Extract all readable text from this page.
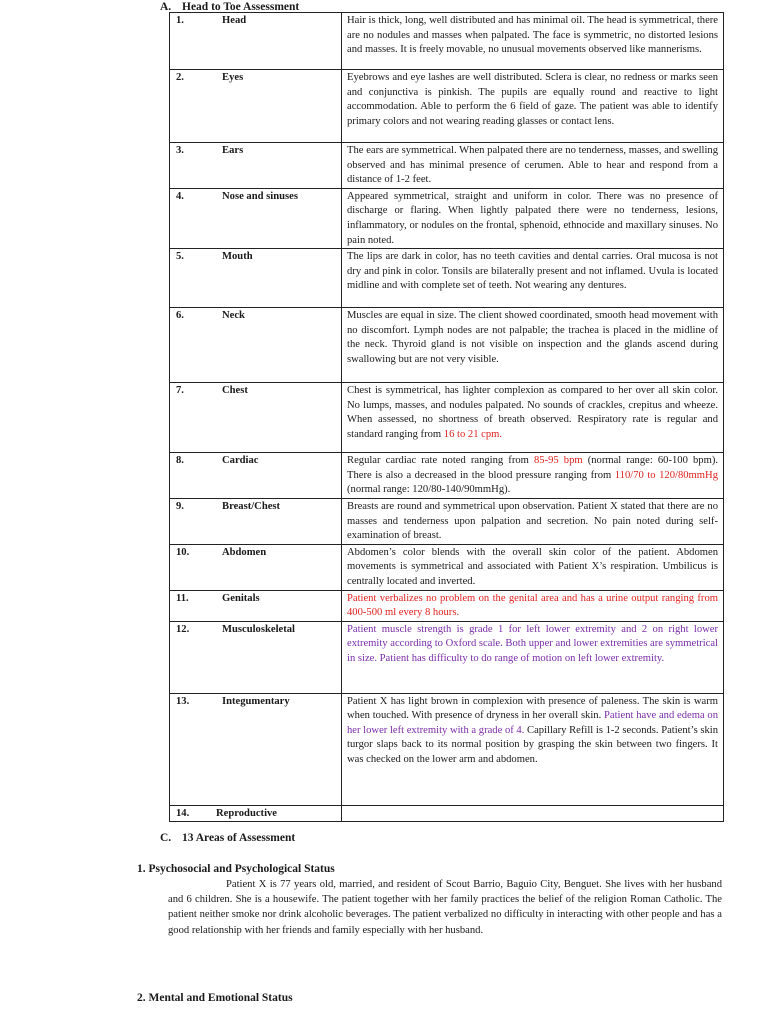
A. Head to Toe Assessment
1. Head	Hair is thick, long, well distributed and has minimal oil. The head is symmetrical, there are no nodules and masses when palpated. The face is symmetric, no distorted lesions and masses. It is freely movable, no unusual movements observed like mannerisms.
2. Eyes	Eyebrows and eye lashes are well distributed. Sclera is clear, no redness or marks seen and conjunctiva is pinkish. The pupils are equally round and reactive to light accommodation. Able to perform the 6 field of gaze. The patient was able to identify primary colors and not wearing reading glasses or contact lens.
3. Ears	The ears are symmetrical. When palpated there are no tenderness, masses, and swelling observed and has minimal presence of cerumen. Able to hear and respond from a distance of 1-2 feet.
4. Nose and sinuses	Appeared symmetrical, straight and uniform in color. There was no presence of discharge or flaring. When lightly palpated there were no tenderness, lesions, inflammatory, or nodules on the frontal, sphenoid, ethnocide and maxillary sinuses. No pain noted.
5. Mouth	The lips are dark in color, has no teeth cavities and dental carries. Oral mucosa is not dry and pink in color. Tonsils are bilaterally present and not inflamed. Uvula is located midline and with complete set of teeth. Not wearing any dentures.
6. Neck	Muscles are equal in size. The client showed coordinated, smooth head movement with no discomfort. Lymph nodes are not palpable; the trachea is placed in the midline of the neck. Thyroid gland is not visible on inspection and the glands ascend during swallowing but are not very visible.
7. Chest	Chest is symmetrical, has lighter complexion as compared to her over all skin color. No lumps, masses, and nodules palpated. No sounds of crackles, crepitus and wheeze. When assessed, no shortness of breath observed. Respiratory rate is regular and standard ranging from 16 to 21 cpm.
8. Cardiac	Regular cardiac rate noted ranging from 85-95 bpm (normal range: 60-100 bpm). There is also a decreased in the blood pressure ranging from 110/70 to 120/80mmHg (normal range: 120/80-140/90mmHg).
9. Breast/Chest	Breasts are round and symmetrical upon observation. Patient X stated that there are no masses and tenderness upon palpation and secretion. No pain noted during self-examination of breast.
10. Abdomen	Abdomen’s color blends with the overall skin color of the patient. Abdomen movements is symmetrical and associated with Patient X’s respiration. Umbilicus is centrally located and inverted.
11. Genitals	Patient verbalizes no problem on the genital area and has a urine output ranging from 400-500 ml every 8 hours.
12. Musculoskeletal	Patient muscle strength is grade 1 for left lower extremity and 2 on right lower extremity according to Oxford scale. Both upper and lower extremities are symmetrical in size. Patient has difficulty to do range of motion on left lower extremity.
13. Integumentary	Patient X has light brown in complexion with presence of paleness. The skin is warm when touched. With presence of dryness in her overall skin. Patient have and edema on her lower left extremity with a grade of 4. Capillary Refill is 1-2 seconds. Patient’s skin turgor slaps back to its normal position by grasping the skin between two fingers. It was checked on the lower arm and abdomen.
14. Reproductive	
C. 13 Areas of Assessment
1. Psychosocial and Psychological Status
Patient X is 77 years old, married, and resident of Scout Barrio, Baguio City, Benguet. She lives with her husband and 6 children. She is a housewife. The patient together with her family practices the belief of the religion Roman Catholic. The patient neither smoke nor drink alcoholic beverages. The patient verbalized no difficulty in interacting with other people and has a good relationship with her friends and family especially with her husband.
2. Mental and Emotional Status
